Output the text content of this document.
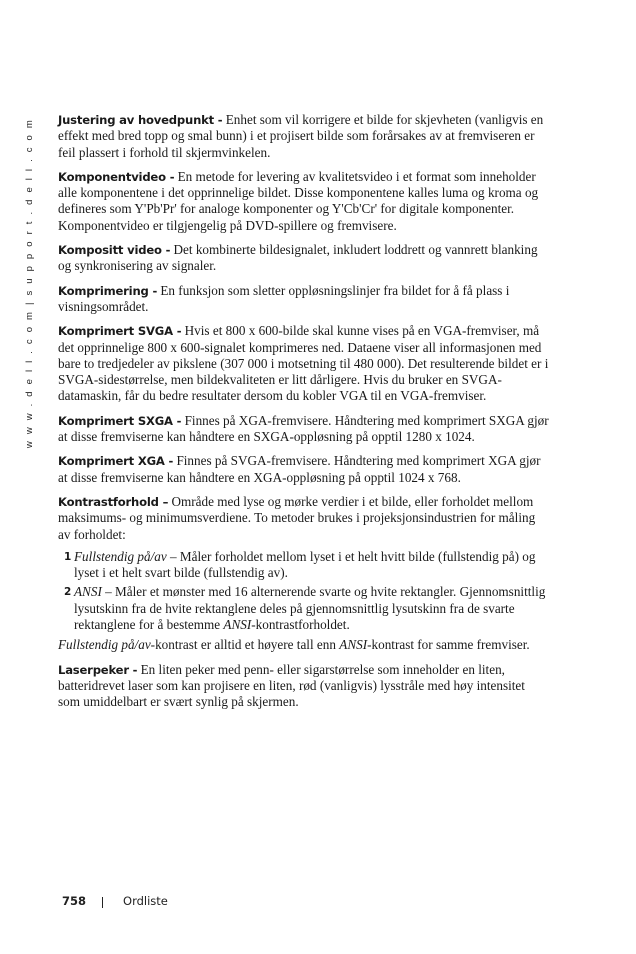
w w w . d e l l . c o m | s u p p o r t . d e l l . c o m Justering av hovedpunkt - Enhet som vil korrigere et bilde for skjevheten (vanligvis en effekt med bred topp og smal bunn) i et projisert bilde som forårsakes av at fremviseren er feil plassert i forhold til skjermvinkelen.

Komponentvideo - En metode for levering av kvalitetsvideo i et format som inneholder alle komponentene i det opprinnelige bildet. Disse komponentene kalles luma og kroma og defineres som Y'Pb'Pr' for analoge komponenter og Y'Cb'Cr' for digitale komponenter. Komponentvideo er tilgjengelig på DVD-spillere og fremvisere.

Kompositt video - Det kombinerte bildesignalet, inkludert loddrett og vannrett blanking og synkronisering av signaler.

Komprimering - En funksjon som sletter oppløsningslinjer fra bildet for å få plass i visningsområdet.

Komprimert SVGA - Hvis et 800 x 600-bilde skal kunne vises på en VGA-fremviser, må det opprinnelige 800 x 600-signalet komprimeres ned. Dataene viser all informasjonen med bare to tredjedeler av pikslene (307 000 i motsetning til 480 000). Det resulterende bildet er i SVGA-sidestørrelse, men bildekvaliteten er litt dårligere. Hvis du bruker en SVGA-datamaskin, får du bedre resultater dersom du kobler VGA til en VGA-fremviser.

Komprimert SXGA - Finnes på XGA-fremvisere. Håndtering med komprimert SXGA gjør at disse fremviserne kan håndtere en SXGA-oppløsning på opptil 1280 x 1024.

Komprimert XGA - Finnes på SVGA-fremvisere. Håndtering med komprimert XGA gjør at disse fremviserne kan håndtere en XGA-oppløsning på opptil 1024 x 768.

Kontrastforhold – Område med lyse og mørke verdier i et bilde, eller forholdet mellom maksimums- og minimumsverdiene. To metoder brukes i projeksjonsindustrien for måling av forholdet:

1 Fullstendig på/av – Måler forholdet mellom lyset i et helt hvitt bilde (fullstendig på) og lyset i et helt svart bilde (fullstendig av).
2 ANSI – Måler et mønster med 16 alternerende svarte og hvite rektangler. Gjennomsnittlig lysutskinn fra de hvite rektanglene deles på gjennomsnittlig lysutskinn fra de svarte rektanglene for å bestemme ANSI-kontrastforholdet.

Fullstendig på/av-kontrast er alltid et høyere tall enn ANSI-kontrast for samme fremviser.

Laserpeker - En liten peker med penn- eller sigarstørrelse som inneholder en liten, batteridrevet laser som kan projisere en liten, rød (vanligvis) lysstråle med høy intensitet som umiddelbart er svært synlig på skjermen.

758	Ordliste
